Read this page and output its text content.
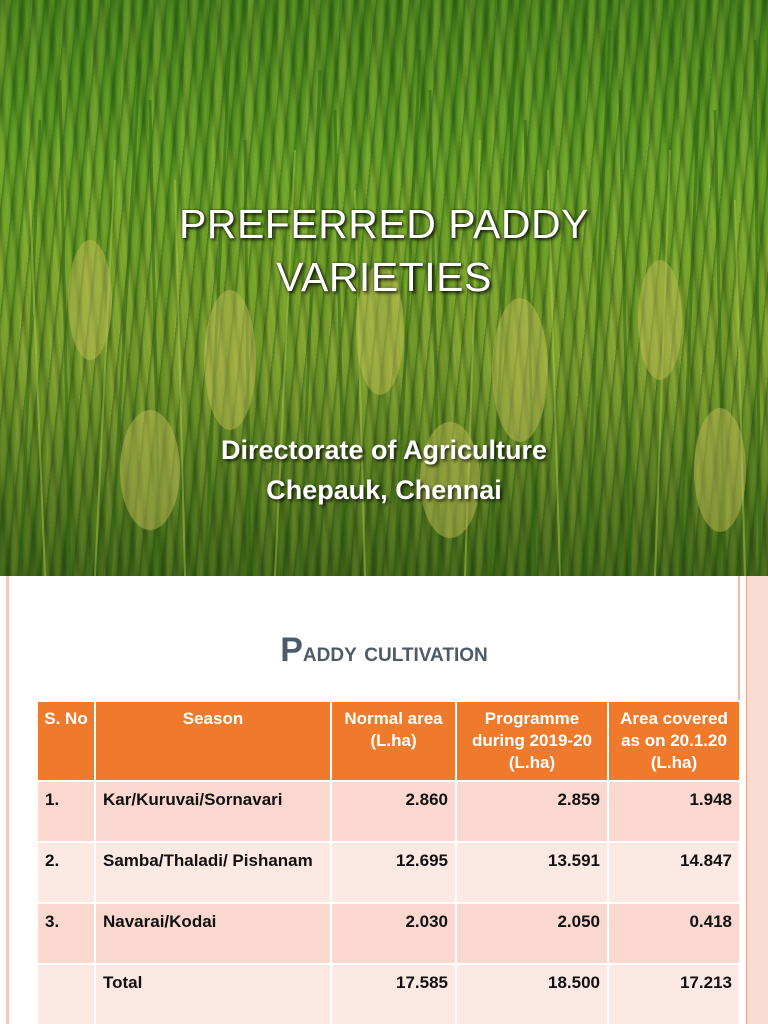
PREFERRED PADDY
VARIETIES
Directorate of Agriculture
Chepauk, Chennai
Paddy cultivation
S. No	Season	Normal area (L.ha)	Programme during 2019-20 (L.ha)	Area covered as on 20.1.20 (L.ha)
1.	Kar/Kuruvai/Sornavari	2.860	2.859	1.948
2.	Samba/Thaladi/ Pishanam	12.695	13.591	14.847
3.	Navarai/Kodai	2.030	2.050	0.418
	Total	17.585	18.500	17.213
